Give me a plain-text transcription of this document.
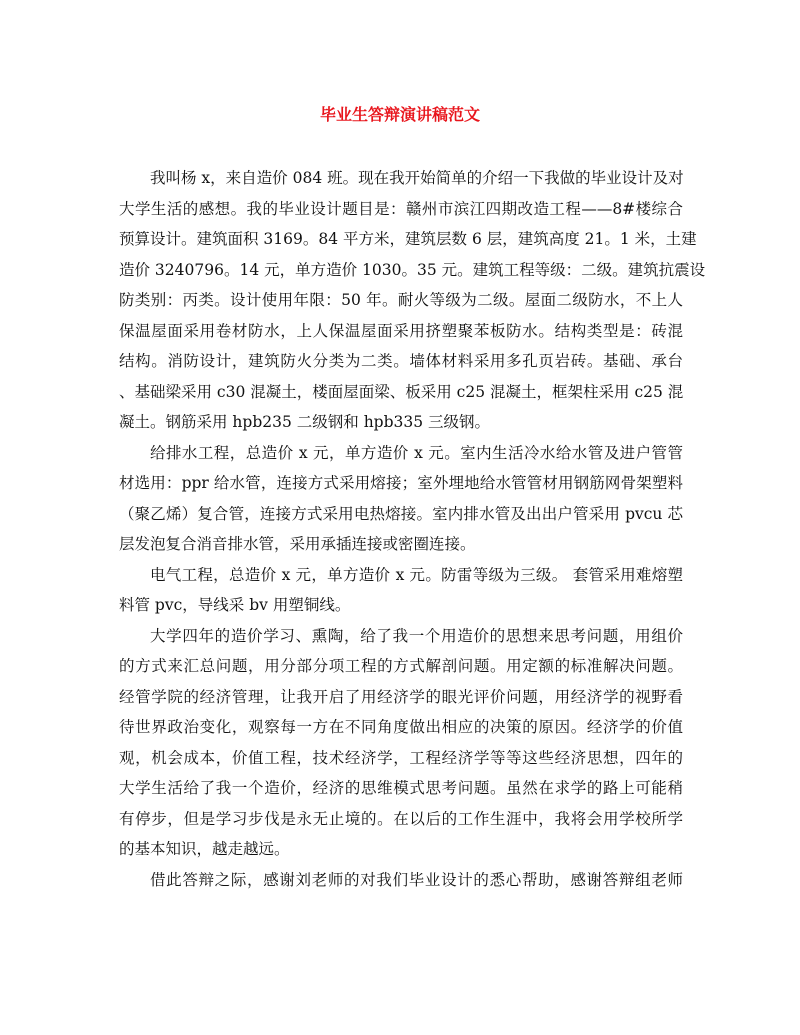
毕业生答辩演讲稿范文
我叫杨 x，来自造价 084 班。现在我开始简单的介绍一下我做的毕业设计及对
大学生活的感想。我的毕业设计题目是：赣州市滨江四期改造工程——8#楼综合
预算设计。建筑面积 3169。84 平方米，建筑层数 6 层，建筑高度 21。1 米，土建
造价 3240796。14 元，单方造价 1030。35 元。建筑工程等级：二级。建筑抗震设
防类别：丙类。设计使用年限：50 年。耐火等级为二级。屋面二级防水，不上人
保温屋面采用卷材防水，上人保温屋面采用挤塑聚苯板防水。结构类型是：砖混
结构。消防设计，建筑防火分类为二类。墙体材料采用多孔页岩砖。基础、承台
、基础梁采用 c30 混凝土，楼面屋面梁、板采用 c25 混凝土，框架柱采用 c25 混
凝土。钢筋采用 hpb235 二级钢和 hpb335 三级钢。
给排水工程，总造价 x 元，单方造价 x 元。室内生活冷水给水管及进户管管
材选用：ppr 给水管，连接方式采用熔接；室外埋地给水管管材用钢筋网骨架塑料
（聚乙烯）复合管，连接方式采用电热熔接。室内排水管及出出户管采用 pvcu 芯
层发泡复合消音排水管，采用承插连接或密圈连接。
电气工程，总造价 x 元，单方造价 x 元。防雷等级为三级。 套管采用难熔塑
料管 pvc，导线采 bv 用塑铜线。
大学四年的造价学习、熏陶，给了我一个用造价的思想来思考问题，用组价
的方式来汇总问题，用分部分项工程的方式解剖问题。用定额的标准解决问题。
经管学院的经济管理，让我开启了用经济学的眼光评价问题，用经济学的视野看
待世界政治变化，观察每一方在不同角度做出相应的决策的原因。经济学的价值
观，机会成本，价值工程，技术经济学，工程经济学等等这些经济思想，四年的
大学生活给了我一个造价，经济的思维模式思考问题。虽然在求学的路上可能稍
有停步，但是学习步伐是永无止境的。在以后的工作生涯中，我将会用学校所学
的基本知识，越走越远。
借此答辩之际，感谢刘老师的对我们毕业设计的悉心帮助，感谢答辩组老师
